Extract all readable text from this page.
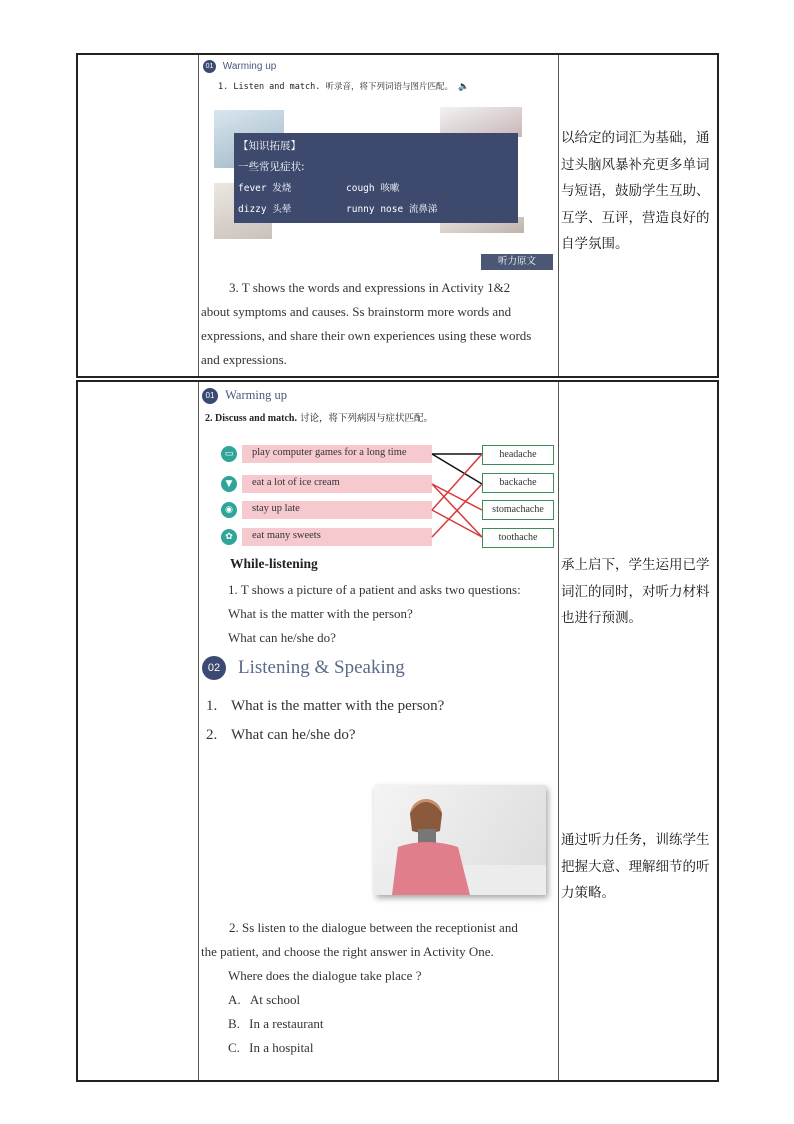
01 Warming up
1. Listen and match. 听录音，将下列词语与图片匹配。 🔈
【知识拓展】
一些常见症状:
fever 发烧	cough 咳嗽
dizzy 头晕	runny nose 流鼻涕
听力原文
3. T shows the words and expressions in Activity 1&2
about symptoms and causes. Ss brainstorm more words and
expressions, and share their own experiences using these words
and expressions.
以给定的词汇为基础，通
过头脑风暴补充更多单词
与短语，鼓励学生互助、
互学、互评，营造良好的
自学氛围。
01 Warming up
2. Discuss and match. 讨论，将下列病因与症状匹配。
▭	play computer games for a long time
▼	eat a lot of ice cream
◉	stay up late
✿	eat many sweets
headache
backache
stomachache
toothache
While-listening
1. T shows a picture of a patient and asks two questions:
What is the matter with the person?
What can he/she do?
02 Listening & Speaking
1. What is the matter with the person?
2. What can he/she do?
2. Ss listen to the dialogue between the receptionist and
the patient, and choose the right answer in Activity One.
Where does the dialogue take place ?
A. At school
B. In a restaurant
C. In a hospital
承上启下，学生运用已学
词汇的同时，对听力材料
也进行预测。
通过听力任务，训练学生
把握大意、理解细节的听
力策略。
